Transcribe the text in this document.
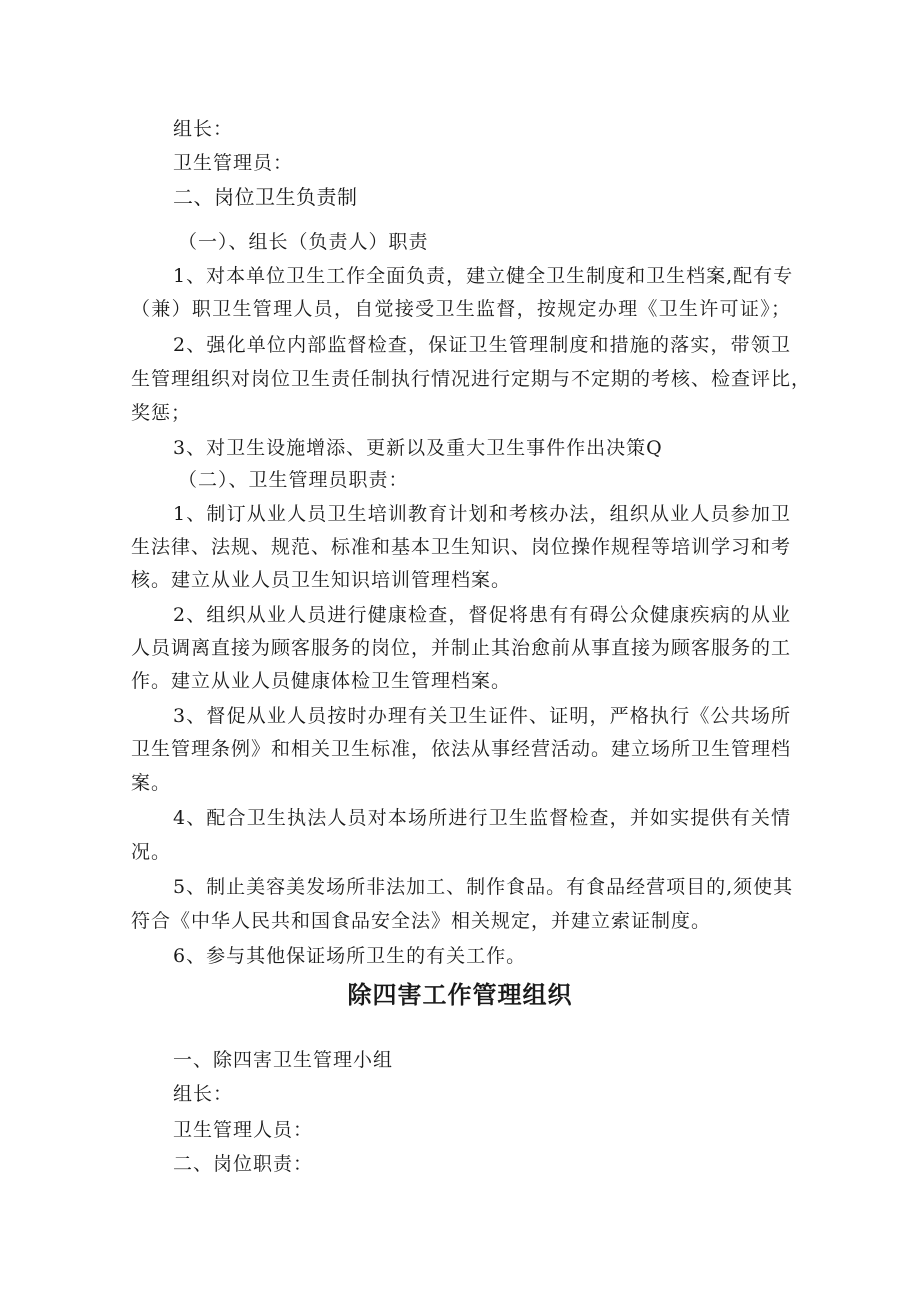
组长：

卫生管理员：

二、岗位卫生负责制

（一）、组长（负责人）职责

1、对本单位卫生工作全面负责，建立健全卫生制度和卫生档案,配有专

（兼）职卫生管理人员，自觉接受卫生监督，按规定办理《卫生许可证》；

2、强化单位内部监督检查，保证卫生管理制度和措施的落实，带领卫

生管理组织对岗位卫生责任制执行情况进行定期与不定期的考核、检查评比，

奖惩；

3、对卫生设施增添、更新以及重大卫生事件作出决策Q

（二）、卫生管理员职责：

1、制订从业人员卫生培训教育计划和考核办法，组织从业人员参加卫

生法律、法规、规范、标准和基本卫生知识、岗位操作规程等培训学习和考

核。建立从业人员卫生知识培训管理档案。

2、组织从业人员进行健康检查，督促将患有有碍公众健康疾病的从业

人员调离直接为顾客服务的岗位，并制止其治愈前从事直接为顾客服务的工

作。建立从业人员健康体检卫生管理档案。

3、督促从业人员按时办理有关卫生证件、证明，严格执行《公共场所

卫生管理条例》和相关卫生标准，依法从事经营活动。建立场所卫生管理档

案。

4、配合卫生执法人员对本场所进行卫生监督检查，并如实提供有关情

况。

5、制止美容美发场所非法加工、制作食品。有食品经营项目的,须使其

符合《中华人民共和国食品安全法》相关规定，并建立索证制度。

6、参与其他保证场所卫生的有关工作。

除四害工作管理组织

一、除四害卫生管理小组

组长：

卫生管理人员：

二、岗位职责：
